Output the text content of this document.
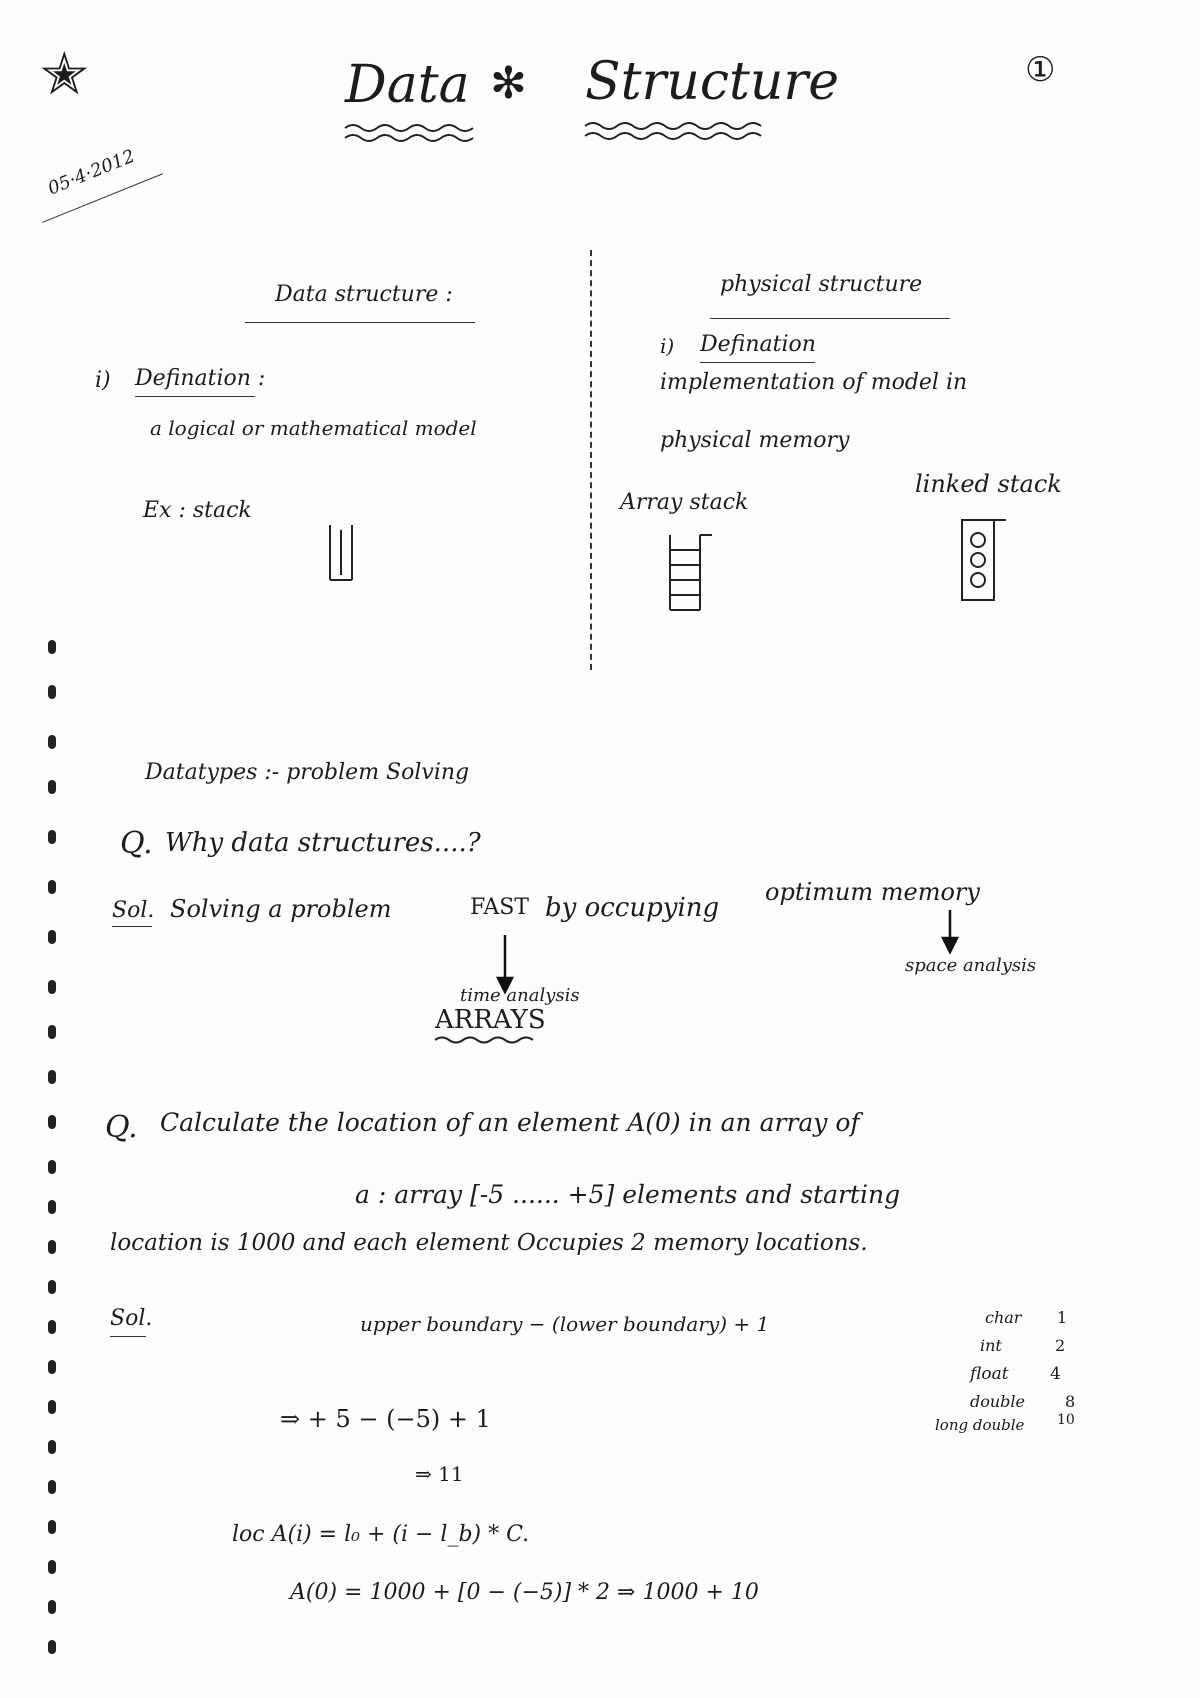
✭	Data ✻ Structure	①
05·4·2012
Data structure :
i) Defination :
a logical or mathematical model
Ex : stack
physical structure
i) Defination
implementation of model in
physical memory
Array stack
linked stack
Datatypes :- problem Solving
Q. Why data structures....?
Sol. Solving a problem	FAST by occupying
optimum memory
time analysis
space analysis
ARRAYS
Q. Calculate the location of an element A(0) in an array of
a : array [-5 ...... +5] elements and starting
location is 1000 and each element Occupies 2 memory locations.
Sol.	upper boundary − (lower boundary) + 1
⇒ + 5 − (−5) + 1
⇒ 11
loc A(i) = l₀ + (i − l_b) * C.
A(0) = 1000 + [0 − (−5)] * 2 ⇒ 1000 + 10
char 1
int	2
float 4
double 8
long double 10
